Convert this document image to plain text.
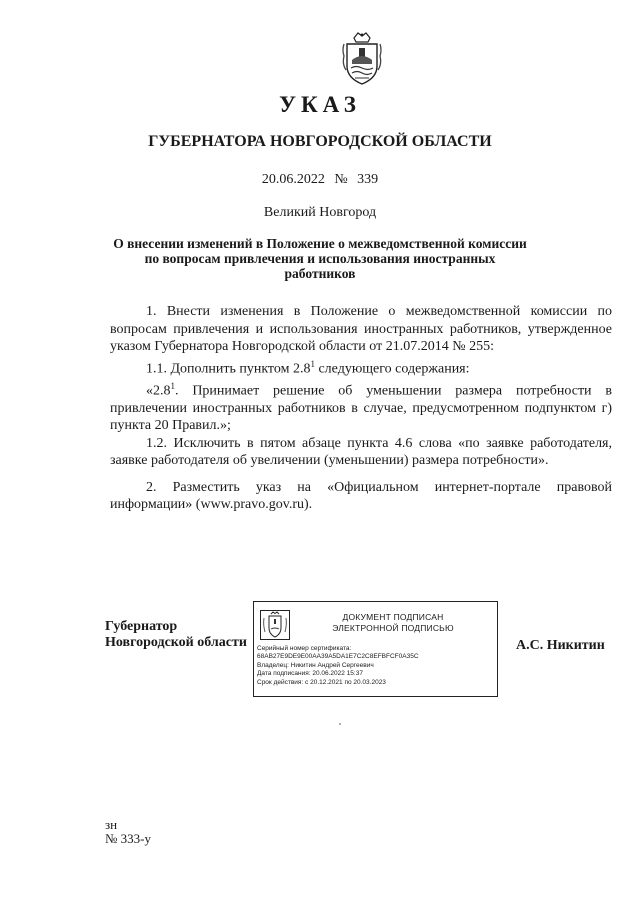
УКАЗ
ГУБЕРНАТОРА НОВГОРОДСКОЙ ОБЛАСТИ
20.06.2022 № 339
Великий Новгород
О внесении изменений в Положение о межведомственной комиссии по вопросам привлечения и использования иностранных работников

1. Внести изменения в Положение о межведомственной комиссии по вопросам привлечения и использования иностранных работников, утвержденное указом Губернатора Новгородской области от 21.07.2014 № 255:

1.1. Дополнить пунктом $2.8^1$ следующего содержания:

«$2.8^1$. Принимает решение об уменьшении размера потребности в привлечении иностранных работников в случае, предусмотренном подпунктом г) пункта 20 Правил.»;

1.2. Исключить в пятом абзаце пункта 4.6 слова «по заявке работодателя, заявке работодателя об увеличении (уменьшении) размера потребности».

2. Разместить указ на «Официальном интернет-портале правовой информации» (www.pravo.gov.ru).

Губернатор
Новгородской области
ДОКУМЕНТ ПОДПИСАН
ЭЛЕКТРОННОЙ ПОДПИСЬЮ
Серийный номер сертификата:
68AB27E9DE9E00AA39A5DA1E7C2C8EFBFCF0A35C
Владелец: Никитин Андрей Сергеевич
Дата подписания: 20.06.2022 15:37
Срок действия: с 20.12.2021 по 20.03.2023
А.С. Никитин
зн
№ 333-у
